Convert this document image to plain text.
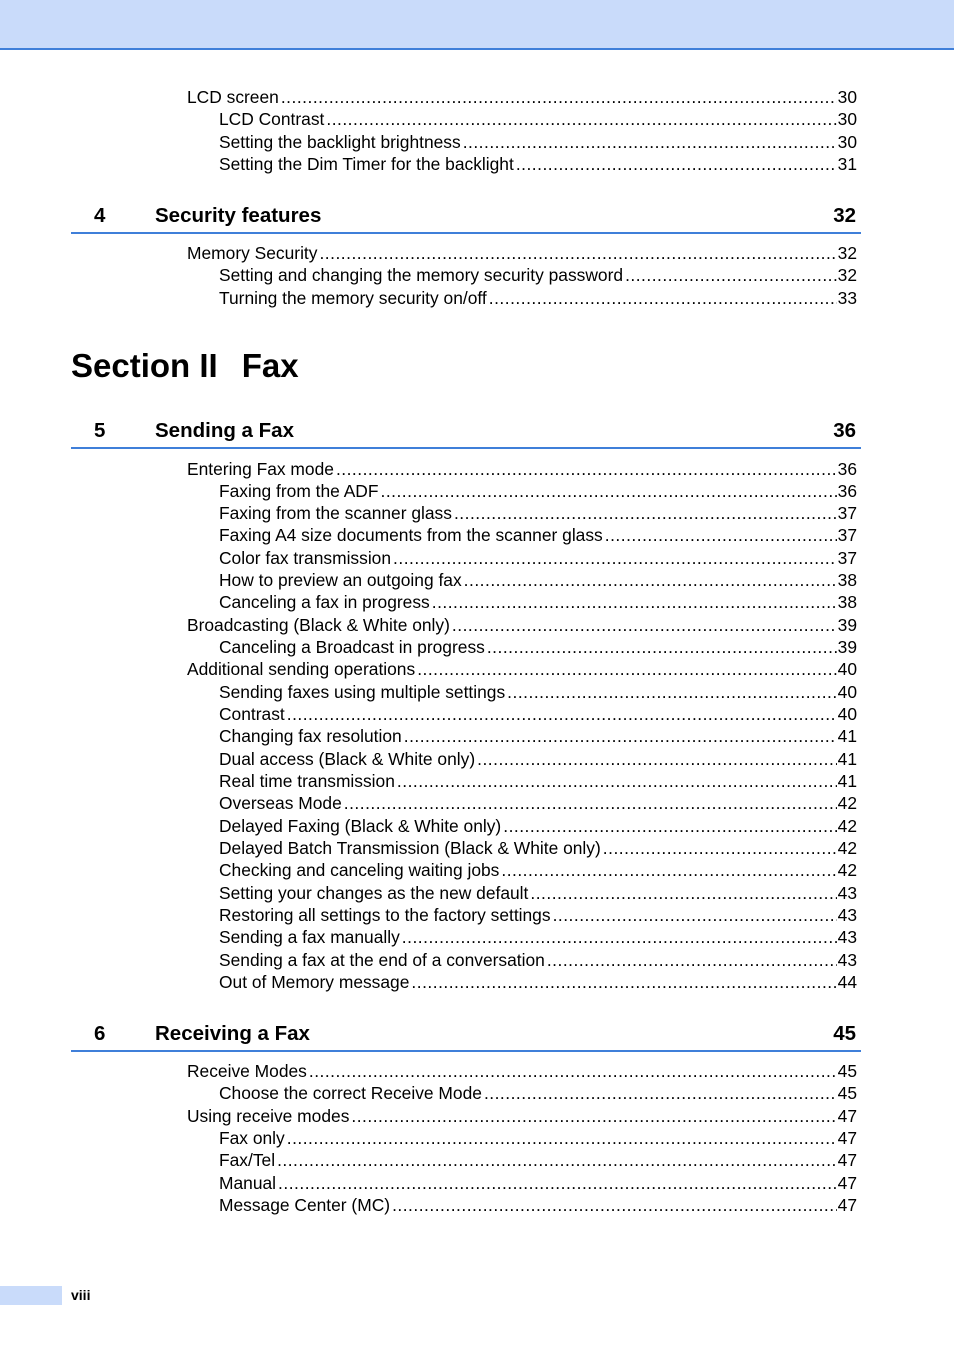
LCD screen .....	30
LCD Contrast .....	30
Setting the backlight brightness .....	30
Setting the Dim Timer for the backlight .....	31
4 Security features	32
Memory Security .....	32
Setting and changing the memory security password .....	32
Turning the memory security on/off .....	33
Section II Fax
5 Sending a Fax	36
Entering Fax mode .....	36
Faxing from the ADF .....	36
Faxing from the scanner glass .....	37
Faxing A4 size documents from the scanner glass .....	37
Color fax transmission .....	37
How to preview an outgoing fax .....	38
Canceling a fax in progress .....	38
Broadcasting (Black & White only) .....	39
Canceling a Broadcast in progress .....	39
Additional sending operations .....	40
Sending faxes using multiple settings .....	40
Contrast .....	40
Changing fax resolution .....	41
Dual access (Black & White only) .....	41
Real time transmission .....	41
Overseas Mode .....	42
Delayed Faxing (Black & White only) .....	42
Delayed Batch Transmission (Black & White only) .....	42
Checking and canceling waiting jobs .....	42
Setting your changes as the new default .....	43
Restoring all settings to the factory settings .....	43
Sending a fax manually .....	43
Sending a fax at the end of a conversation .....	43
Out of Memory message .....	44
6 Receiving a Fax	45
Receive Modes .....	45
Choose the correct Receive Mode .....	45
Using receive modes .....	47
Fax only .....	47
Fax/Tel .....	47
Manual .....	47
Message Center (MC) .....	47
viii
